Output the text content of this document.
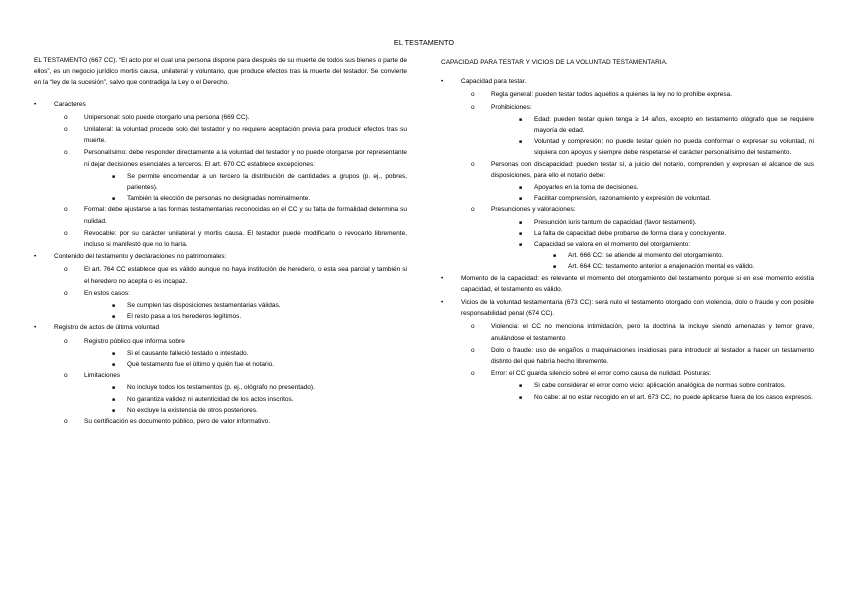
EL TESTAMENTO

EL TESTAMENTO (667 CC). “El acto por el cual una persona dispone para después de su muerte de todos sus bienes o parte de ellos”, es un negocio jurídico mortis causa, unilateral y voluntario, que produce efectos tras la muerte del testador. Se convierte en la “ley de la sucesión”, salvo que contradiga la Ley o el Derecho.

•	Caracteres
o	Unipersonal: solo puede otorgarlo una persona (669 CC).
o	Unilateral: la voluntad procede solo del testador y no requiere aceptación previa para producir efectos tras su muerte.
o	Personalísimo: debe responder directamente a la voluntad del testador y no puede otorgarse por representante ni dejar decisiones esenciales a terceros. El art. 670 CC establece excepciones:
■ Se permite encomendar a un tercero la distribución de cantidades a grupos (p. ej., pobres, parientes).
■ También la elección de personas no designadas nominalmente.
o	Formal: debe ajustarse a las formas testamentarias reconocidas en el CC y su falta de formalidad determina su nulidad.
o	Revocable: por su carácter unilateral y mortis causa. El testador puede modificarlo o revocarlo libremente, incluso si manifestó que no lo haría.
•	Contenido del testamento y declaraciones no patrimoniales:
o	El art. 764 CC establece que es válido aunque no haya institución de heredero, o esta sea parcial y también si el heredero no acepta o es incapaz.
o	En estos casos:
■ Se cumplen las disposiciones testamentarias válidas.
■ El resto pasa a los herederos legítimos.
•	Registro de actos de última voluntad
o	Registro público que informa sobre
■ Si el causante falleció testado o intestado.
■ Qué testamento fue el último y quién fue el notario.
o	Limitaciones
■ No incluye todos los testamentos (p. ej., ológrafo no presentado).
■ No garantiza validez ni autenticidad de los actos inscritos.
■ No excluye la existencia de otros posteriores.
o	Su certificación es documento público, pero de valor informativo.

CAPACIDAD PARA TESTAR Y VICIOS DE LA VOLUNTAD TESTAMENTARIA.

•	Capacidad para testar.
o	Regla general: pueden testar todos aquellos a quienes la ley no lo prohíbe expresa.
o	Prohibiciones:
■ Edad: pueden testar quien tenga ≥ 14 años, excepto en testamento ológrafo que se requiere mayoría de edad.
■ Voluntad y compresión: no puede testar quien no pueda conformar o expresar su voluntad, ni siquiera con apoyos y siempre debe respetarse el carácter personalísimo del testamento.
o	Personas con discapacidad: pueden testar sí, a juicio del notario, comprenden y expresan el alcance de sus disposiciones, para ello el notario debe:
■ Apoyarles en la toma de decisiones.
■ Facilitar comprensión, razonamiento y expresión de voluntad.
o	Presunciones y valoraciones:
■ Presunción iuris tantum de capacidad (favor testamenti).
■ La falta de capacidad debe probarse de forma clara y concluyente.
■ Capacidad se valora en el momento del otorgamiento:
■ Art. 666 CC: se atiende al momento del otorgamiento.
■ Art. 664 CC: testamento anterior a enajenación mental es válido.
•	Momento de la capacidad: es relevante el momento del otorgamiento del testamento porque si en ese momento existía capacidad, el testamento es válido.
•	Vicios de la voluntad testamentaria (673 CC): será nulo el testamento otorgado con violencia, dolo o fraude y con posible responsabilidad penal (674 CC).
o	Violencia: el CC no menciona intimidación, pero la doctrina la incluye siendo amenazas y temor grave, anulándose el testamento
o	Dolo o fraude: uso de engaños o maquinaciones insidiosas para introducir al testador a hacer un testamento distinto del que habría hecho libremente.
o	Error: el CC guarda silencio sobre el error como causa de nulidad. Posturas:
■ Si cabe considerar el error como vicio: aplicación analógica de normas sobre contratos.
■ No cabe: al no estar recogido en el art. 673 CC, no puede aplicarse fuera de los casos expresos.
